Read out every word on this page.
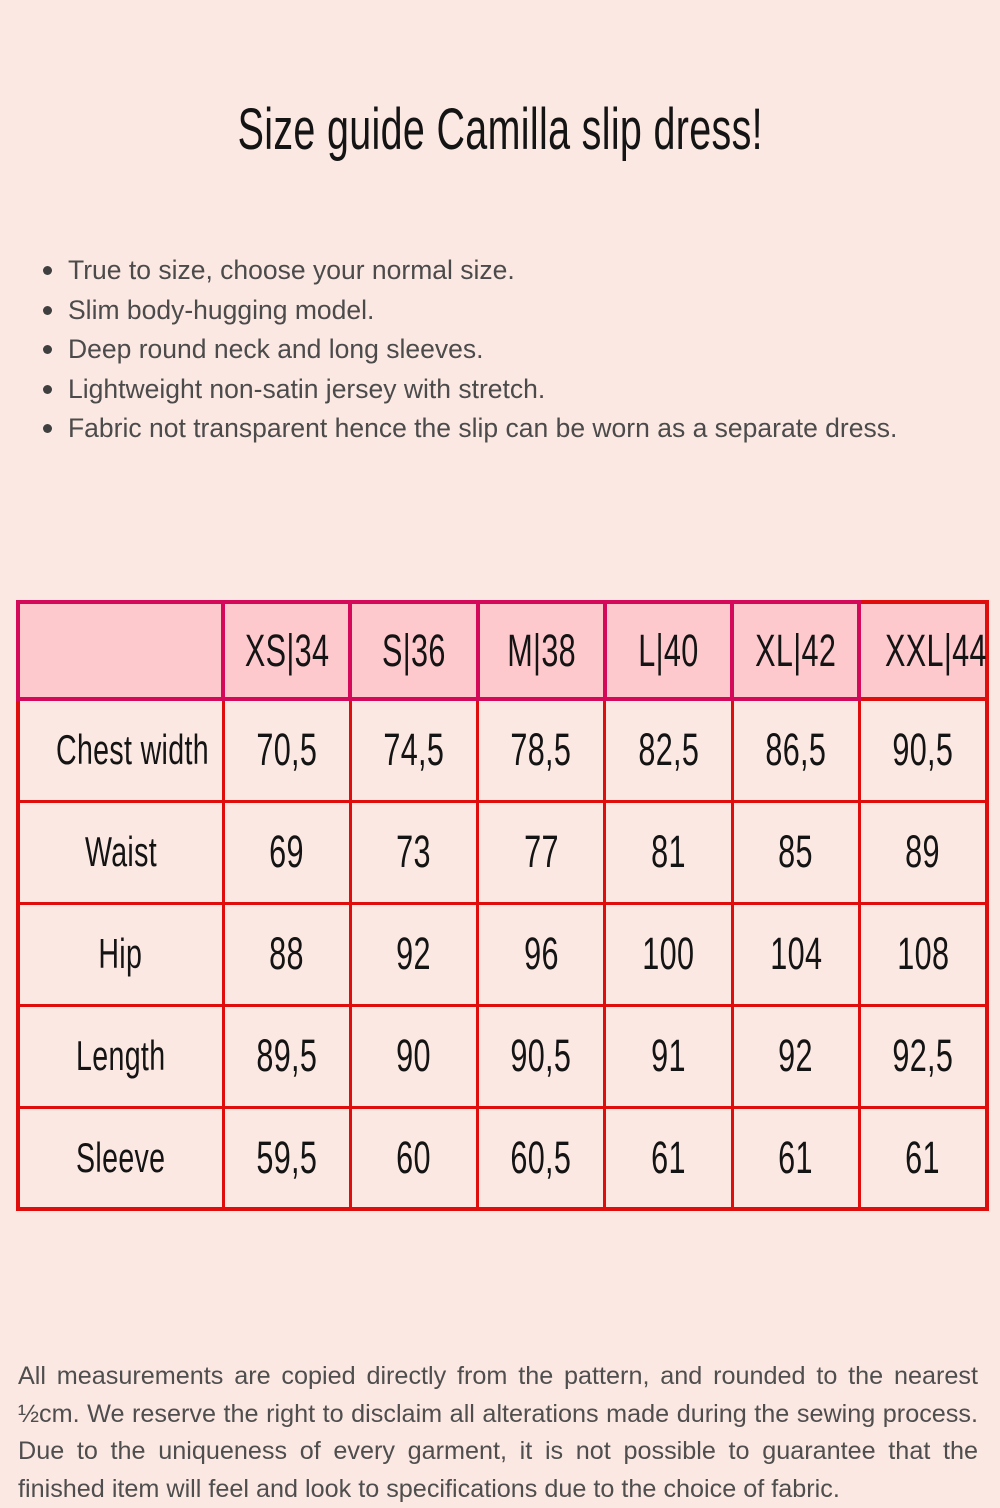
Size guide Camilla slip dress!
True to size, choose your normal size.
Slim body-hugging model.
Deep round neck and long sleeves.
Lightweight non-satin jersey with stretch.
Fabric not transparent hence the slip can be worn as a separate dress.
	XS|34	S|36	M|38	L|40	XL|42	XXL|44
Chest width	70,5	74,5	78,5	82,5	86,5	90,5
Waist	69	73	77	81	85	89
Hip	88	92	96	100	104	108
Length	89,5	90	90,5	91	92	92,5
Sleeve	59,5	60	60,5	61	61	61

All measurements are copied directly from the pattern, and rounded to the nearest ½cm. We reserve the right to disclaim all alterations made during the sewing process. Due to the uniqueness of every garment, it is not possible to guarantee that the finished item will feel and look to specifications due to the choice of fabric.
